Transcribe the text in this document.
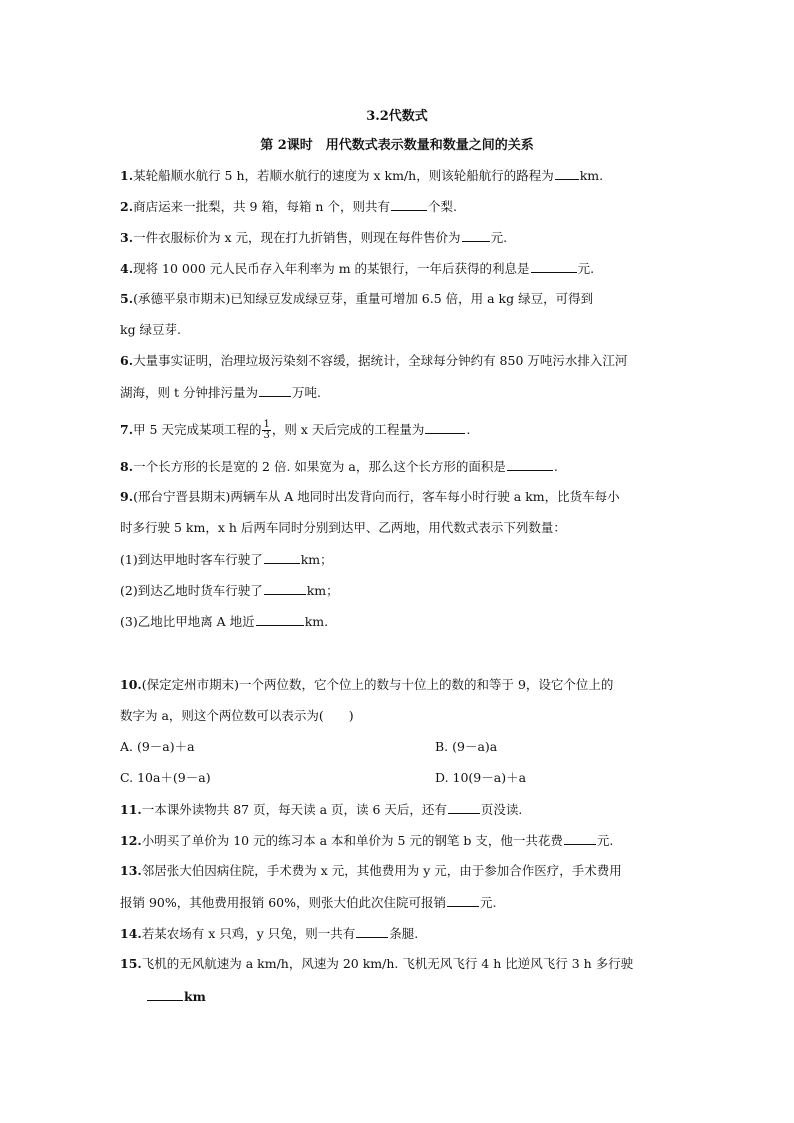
3.2代数式
第 2课时　用代数式表示数量和数量之间的关系
1.某轮船顺水航行 5 h，若顺水航行的速度为 x km/h，则该轮船航行的路程为 km.
2.商店运来一批梨，共 9 箱，每箱 n 个，则共有	个梨.
3.一件衣服标价为 x 元，现在打九折销售，则现在每件售价为 元.
4.现将 10 000 元人民币存入年利率为 m 的某银行，一年后获得的利息是	元.
5.(承德平泉市期末)已知绿豆发成绿豆芽，重量可增加 6.5 倍，用 a kg 绿豆，可得到
kg 绿豆芽.
6.大量事实证明，治理垃圾污染刻不容缓，据统计，全球每分钟约有 850 万吨污水排入江河
湖海，则 t 分钟排污量为	万吨.
7.甲 5 天完成某项工程的 $\frac{1}{3}$ ，则 x 天后完成的工程量为	.
8.一个长方形的长是宽的 2 倍. 如果宽为 a，那么这个长方形的面积是	.
9.(邢台宁晋县期末)两辆车从 A 地同时出发背向而行，客车每小时行驶 a km，比货车每小
时多行驶 5 km，x h 后两车同时分别到达甲、乙两地，用代数式表示下列数量：
(1)到达甲地时客车行驶了	km；
(2)到达乙地时货车行驶了	km；
(3)乙地比甲地离 A 地近	km.
10.(保定定州市期末)一个两位数，它个位上的数与十位上的数的和等于 9，设它个位上的
数字为 a，则这个两位数可以表示为(　　)
A. (9－a)＋a	B. (9－a)a
C. 10a＋(9－a)	D. 10(9－a)＋a
11.一本课外读物共 87 页，每天读 a 页，读 6 天后，还有	页没读.
12.小明买了单价为 10 元的练习本 a 本和单价为 5 元的钢笔 b 支，他一共花费	元.
13.邻居张大伯因病住院，手术费为 x 元，其他费用为 y 元，由于参加合作医疗，手术费用
报销 90%，其他费用报销 60%，则张大伯此次住院可报销	元.
14.若某农场有 x 只鸡，y 只兔，则一共有	条腿.
15.飞机的无风航速为 a km/h，风速为 20 km/h. 飞机无风飞行 4 h 比逆风飞行 3 h 多行驶
km
